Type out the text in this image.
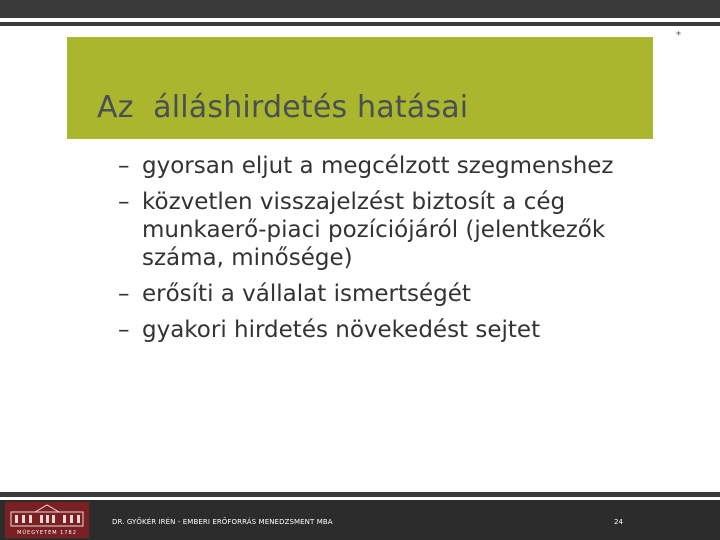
*
Az  álláshirdetés hatásai
– gyorsan eljut a megcélzott szegmenshez
– közvetlen visszajelzést biztosít a cég munkaerő-piaci pozíciójáról (jelentkezők száma, minősége)
– erősíti a vállalat ismertségét
– gyakori hirdetés növekedést sejtet
MŰEGYETEM 1782
DR. GYŐKÉR IRÉN - EMBERI ERŐFORRÁS MENEDZSMENT MBA	24
